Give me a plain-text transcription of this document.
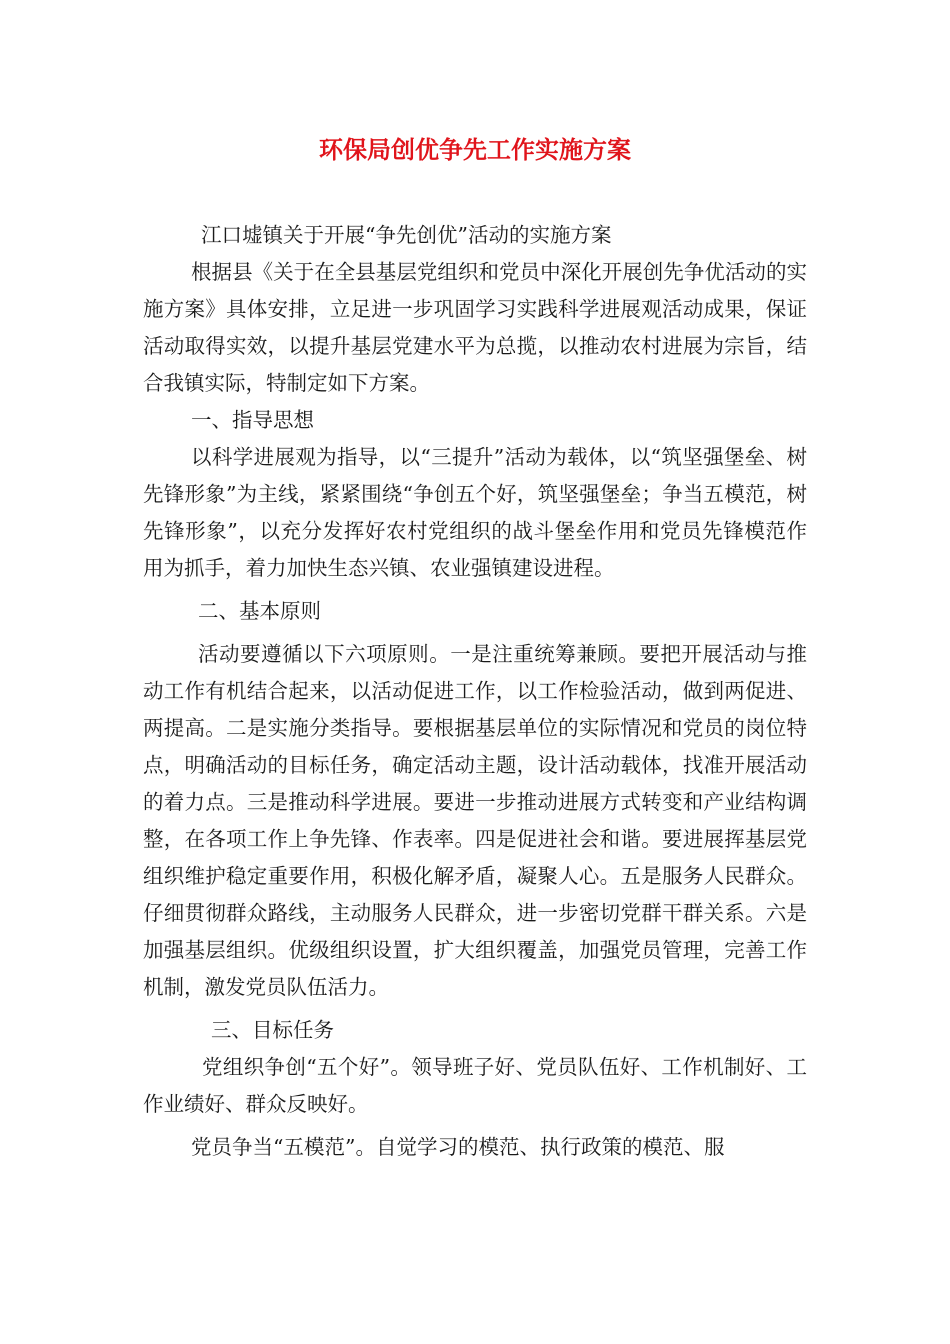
环保局创优争先工作实施方案

江口墟镇关于开展“争先创优”活动的实施方案

根据县《关于在全县基层党组织和党员中深化开展创先争优活动的实施方案》具体安排，立足进一步巩固学习实践科学进展观活动成果，保证活动取得实效，以提升基层党建水平为总揽，以推动农村进展为宗旨，结合我镇实际，特制定如下方案。

一、指导思想

以科学进展观为指导，以“三提升”活动为载体，以“筑坚强堡垒、树先锋形象”为主线，紧紧围绕“争创五个好，筑坚强堡垒；争当五模范，树先锋形象”，以充分发挥好农村党组织的战斗堡垒作用和党员先锋模范作用为抓手，着力加快生态兴镇、农业强镇建设进程。

二、基本原则

活动要遵循以下六项原则。一是注重统筹兼顾。要把开展活动与推动工作有机结合起来，以活动促进工作，以工作检验活动，做到两促进、两提高。二是实施分类指导。要根据基层单位的实际情况和党员的岗位特点，明确活动的目标任务，确定活动主题，设计活动载体，找准开展活动的着力点。三是推动科学进展。要进一步推动进展方式转变和产业结构调整，在各项工作上争先锋、作表率。四是促进社会和谐。要进展挥基层党组织维护稳定重要作用，积极化解矛盾，凝聚人心。五是服务人民群众。仔细贯彻群众路线，主动服务人民群众，进一步密切党群干群关系。六是加强基层组织。优级组织设置，扩大组织覆盖，加强党员管理，完善工作机制，激发党员队伍活力。

三、目标任务

党组织争创“五个好”。领导班子好、党员队伍好、工作机制好、工作业绩好、群众反映好。

党员争当“五模范”。自觉学习的模范、执行政策的模范、服
